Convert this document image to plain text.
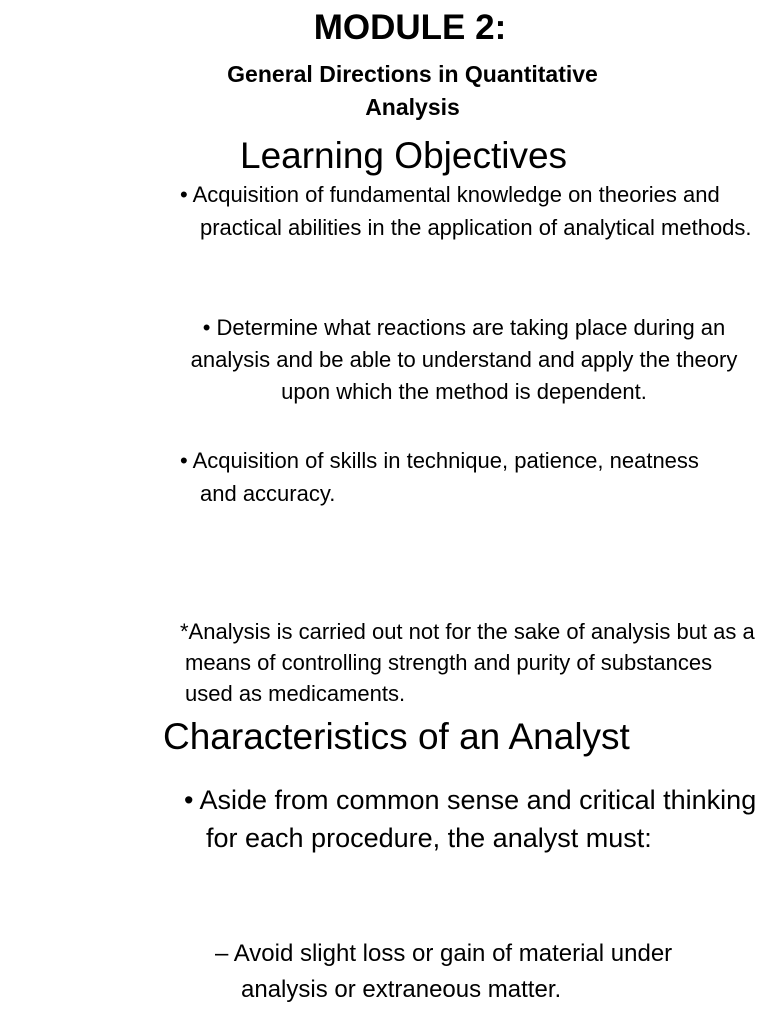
MODULE 2:
General Directions in Quantitative Analysis
Learning Objectives

• Acquisition of fundamental knowledge on theories and practical abilities in the application of analytical methods.

• Determine what reactions are taking place during an analysis and be able to understand and apply the theory upon which the method is dependent.

• Acquisition of skills in technique, patience, neatness and accuracy.

*Analysis is carried out not for the sake of analysis but as a means of controlling strength and purity of substances used as medicaments.

Characteristics of an Analyst

• Aside from common sense and critical thinking for each procedure, the analyst must:

– Avoid slight loss or gain of material under analysis or extraneous matter.
